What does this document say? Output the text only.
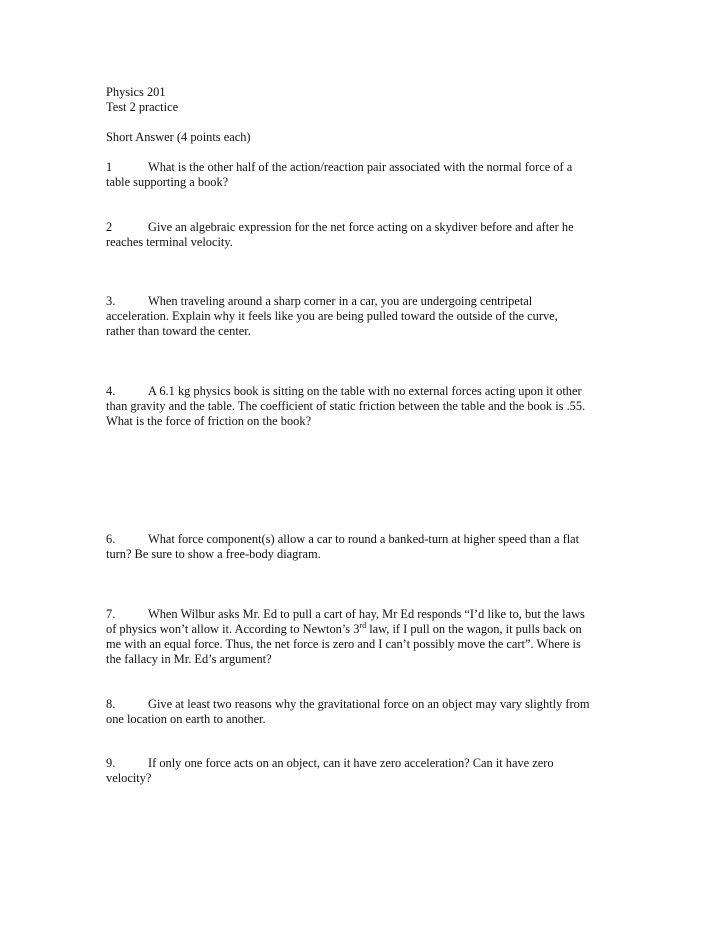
Physics 201
Test 2 practice
Short Answer (4 points each)
1	What is the other half of the action/reaction pair associated with the normal force of a
table supporting a book?
2	Give an algebraic expression for the net force acting on a skydiver before and after he
reaches terminal velocity.
3.	When traveling around a sharp corner in a car, you are undergoing centripetal
acceleration. Explain why it feels like you are being pulled toward the outside of the curve,
rather than toward the center.
4.	A 6.1 kg physics book is sitting on the table with no external forces acting upon it other
than gravity and the table. The coefficient of static friction between the table and the book is .55.
What is the force of friction on the book?
6.	What force component(s) allow a car to round a banked-turn at higher speed than a flat
turn? Be sure to show a free-body diagram.
7.	When Wilbur asks Mr. Ed to pull a cart of hay, Mr Ed responds “I’d like to, but the laws
of physics won’t allow it. According to Newton’s 3rd law, if I pull on the wagon, it pulls back on
me with an equal force. Thus, the net force is zero and I can’t possibly move the cart”. Where is
the fallacy in Mr. Ed’s argument?
8.	Give at least two reasons why the gravitational force on an object may vary slightly from
one location on earth to another.
9.	If only one force acts on an object, can it have zero acceleration? Can it have zero
velocity?
